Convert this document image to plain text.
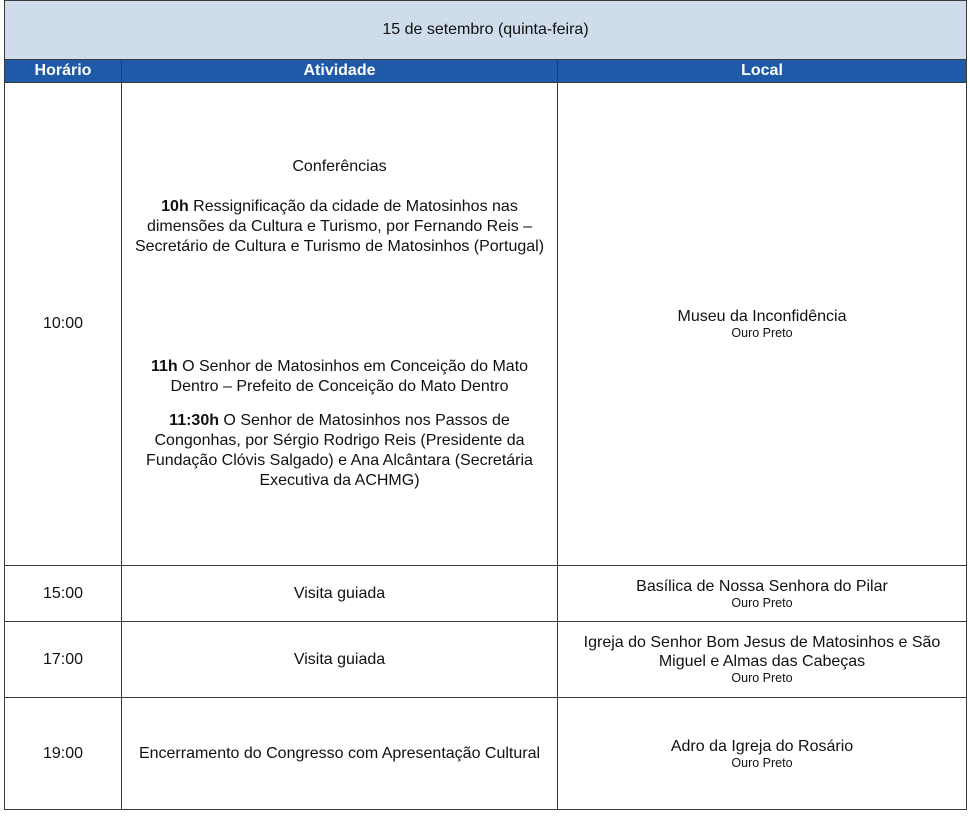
15 de setembro (quinta-feira)		
Horário	Atividade	Local
10:00	Conferências
10h Ressignificação da cidade de Matosinhos nas dimensões da Cultura e Turismo, por Fernando Reis – Secretário de Cultura e Turismo de Matosinhos (Portugal)
11h O Senhor de Matosinhos em Conceição do Mato Dentro – Prefeito de Conceição do Mato Dentro
11:30h O Senhor de Matosinhos nos Passos de Congonhas, por Sérgio Rodrigo Reis (Presidente da Fundação Clóvis Salgado) e Ana Alcântara (Secretária Executiva da ACHMG)	Museu da Inconfidência
Ouro Preto

15:00	Visita guiada	Basílica de Nossa Senhora do Pilar
Ouro Preto

17:00	Visita guiada	Igreja do Senhor Bom Jesus de Matosinhos e São Miguel e Almas das Cabeças
Ouro Preto

19:00	Encerramento do Congresso com Apresentação Cultural	Adro da Igreja do Rosário
Ouro Preto
